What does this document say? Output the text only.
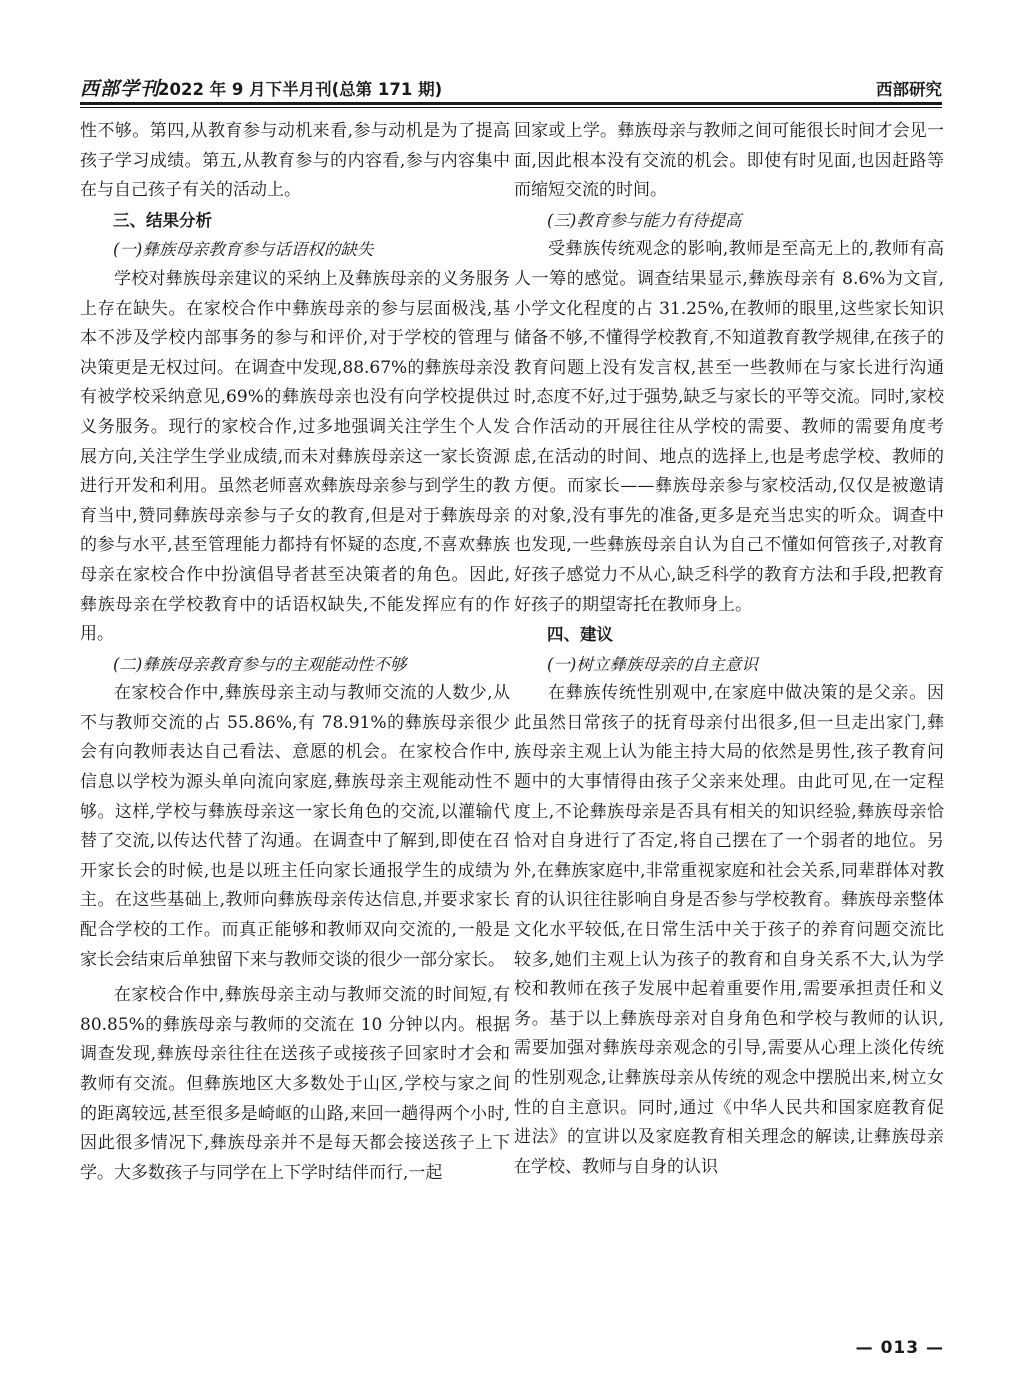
西部学刊
2022 年 9 月下半月刊(总第 171 期)	西部研究

性不够。第四,从教育参与动机来看,参与动机是为了提高孩子学习成绩。第五,从教育参与的内容看,参与内容集中在与自己孩子有关的活动上。

三、结果分析

(一)彝族母亲教育参与话语权的缺失

学校对彝族母亲建议的采纳上及彝族母亲的义务服务上存在缺失。在家校合作中彝族母亲的参与层面极浅,基本不涉及学校内部事务的参与和评价,对于学校的管理与决策更是无权过问。在调查中发现,88.67%的彝族母亲没有被学校采纳意见,69%的彝族母亲也没有向学校提供过义务服务。现行的家校合作,过多地强调关注学生个人发展方向,关注学生学业成绩,而未对彝族母亲这一家长资源进行开发和利用。虽然老师喜欢彝族母亲参与到学生的教育当中,赞同彝族母亲参与子女的教育,但是对于彝族母亲的参与水平,甚至管理能力都持有怀疑的态度,不喜欢彝族母亲在家校合作中扮演倡导者甚至决策者的角色。因此,彝族母亲在学校教育中的话语权缺失,不能发挥应有的作用。

(二)彝族母亲教育参与的主观能动性不够

在家校合作中,彝族母亲主动与教师交流的人数少,从不与教师交流的占 55.86%,有 78.91%的彝族母亲很少会有向教师表达自己看法、意愿的机会。在家校合作中,信息以学校为源头单向流向家庭,彝族母亲主观能动性不够。这样,学校与彝族母亲这一家长角色的交流,以灌输代替了交流,以传达代替了沟通。在调查中了解到,即使在召开家长会的时候,也是以班主任向家长通报学生的成绩为主。在这些基础上,教师向彝族母亲传达信息,并要求家长配合学校的工作。而真正能够和教师双向交流的,一般是家长会结束后单独留下来与教师交谈的很少一部分家长。

在家校合作中,彝族母亲主动与教师交流的时间短,有 80.85%的彝族母亲与教师的交流在 10 分钟以内。根据调查发现,彝族母亲往往在送孩子或接孩子回家时才会和教师有交流。但彝族地区大多数处于山区,学校与家之间的距离较远,甚至很多是崎岖的山路,来回一趟得两个小时,因此很多情况下,彝族母亲并不是每天都会接送孩子上下学。大多数孩子与同学在上下学时结伴而行,一起

回家或上学。彝族母亲与教师之间可能很长时间才会见一面,因此根本没有交流的机会。即使有时见面,也因赶路等而缩短交流的时间。

(三)教育参与能力有待提高

受彝族传统观念的影响,教师是至高无上的,教师有高人一筹的感觉。调查结果显示,彝族母亲有 8.6%为文盲,小学文化程度的占 31.25%,在教师的眼里,这些家长知识储备不够,不懂得学校教育,不知道教育教学规律,在孩子的教育问题上没有发言权,甚至一些教师在与家长进行沟通时,态度不好,过于强势,缺乏与家长的平等交流。同时,家校合作活动的开展往往从学校的需要、教师的需要角度考虑,在活动的时间、地点的选择上,也是考虑学校、教师的方便。而家长——彝族母亲参与家校活动,仅仅是被邀请的对象,没有事先的准备,更多是充当忠实的听众。调查中也发现,一些彝族母亲自认为自己不懂如何管孩子,对教育好孩子感觉力不从心,缺乏科学的教育方法和手段,把教育好孩子的期望寄托在教师身上。

四、建议

(一)树立彝族母亲的自主意识

在彝族传统性别观中,在家庭中做决策的是父亲。因此虽然日常孩子的抚育母亲付出很多,但一旦走出家门,彝族母亲主观上认为能主持大局的依然是男性,孩子教育问题中的大事情得由孩子父亲来处理。由此可见,在一定程度上,不论彝族母亲是否具有相关的知识经验,彝族母亲恰恰对自身进行了否定,将自己摆在了一个弱者的地位。另外,在彝族家庭中,非常重视家庭和社会关系,同辈群体对教育的认识往往影响自身是否参与学校教育。彝族母亲整体文化水平较低,在日常生活中关于孩子的养育问题交流比较多,她们主观上认为孩子的教育和自身关系不大,认为学校和教师在孩子发展中起着重要作用,需要承担责任和义务。基于以上彝族母亲对自身角色和学校与教师的认识,需要加强对彝族母亲观念的引导,需要从心理上淡化传统的性别观念,让彝族母亲从传统的观念中摆脱出来,树立女性的自主意识。同时,通过《中华人民共和国家庭教育促进法》的宣讲以及家庭教育相关理念的解读,让彝族母亲在学校、教师与自身的认识

— 013 —
